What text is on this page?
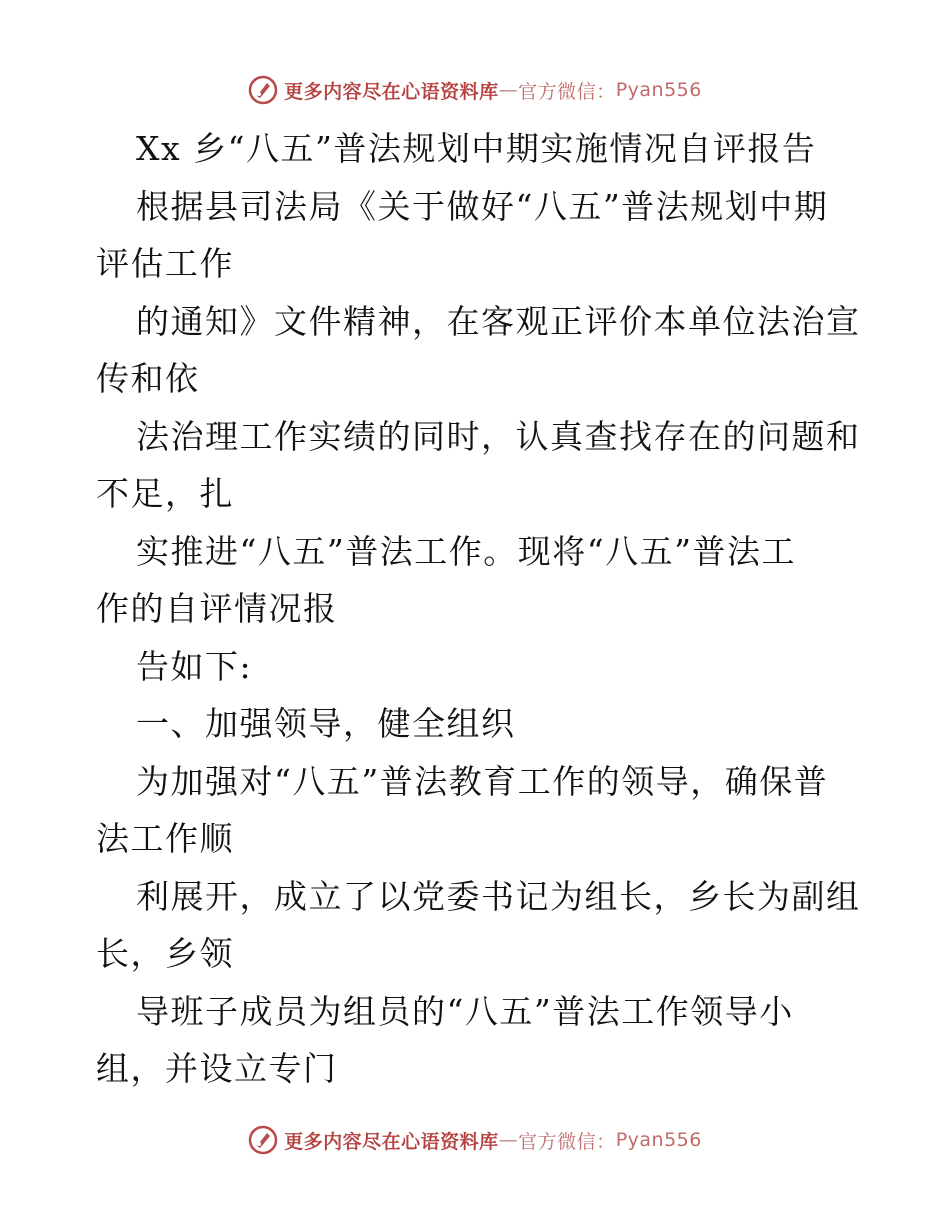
更多内容尽在心语资料库 — 官方微信： Pyan556
Xx 乡“八五”普法规划中期实施情况自评报告
根据县司法局《关于做好“八五”普法规划中期
评估工作
的通知》文件精神，在客观正评价本单位法治宣
传和依
法治理工作实绩的同时，认真查找存在的问题和
不足，扎
实推进“八五”普法工作。现将“八五”普法工
作的自评情况报
告如下:
一、加强领导，健全组织
为加强对“八五”普法教育工作的领导，确保普
法工作顺
利展开，成立了以党委书记为组长，乡长为副组
长，乡领
导班子成员为组员的“八五”普法工作领导小
组，并设立专门
更多内容尽在心语资料库 — 官方微信： Pyan556
